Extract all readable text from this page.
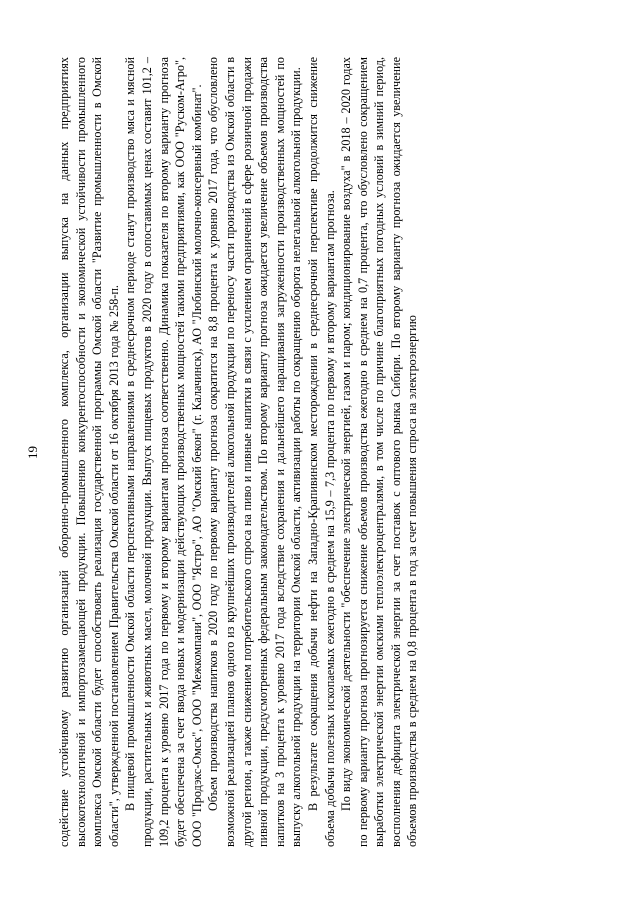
19 содействие устойчивому развитию организаций оборонно-промышленного комплекса, организации выпуска на данных предприятиях высокотехнологичной и импортозамещающей продукции. Повышению конкурентоспособности и экономической устойчивости промышленного комплекса Омской области будет способствовать реализация государственной программы Омской области "Развитие промышленности в Омской области", утвержденной постановлением Правительства Омской области от 16 октября 2013 года № 258-п. В пищевой промышленности Омской области перспективными направлениями в среднесрочном периоде станут производство мяса и мясной продукции, растительных и животных масел, молочной продукции. Выпуск пищевых продуктов в 2020 году в сопоставимых ценах составит 101,2 – 109,2 процента к уровню 2017 года по первому и второму вариантам прогноза соответственно. Динамика показателя по второму варианту прогноза будет обеспечена за счет ввода новых и модернизации действующих производственных мощностей такими предприятиями, как ООО "Руском-Агро", ООО "Продэкс-Омск", ООО "Межкомпани", ООО "Ястро", АО "Омский бекон" (г. Калачинск), АО "Любинский молочно-консервный комбинат". Объем производства напитков в 2020 году по первому варианту прогноза сократится на 8,8 процента к уровню 2017 года, что обусловлено возможной реализацией планов одного из крупнейших производителей алкогольной продукции по переносу части производства из Омской области в другой регион, а также снижением потребительского спроса на пиво и пивные напитки в связи с усилением ограничений в сфере розничной продажи пивной продукции, предусмотренных федеральным законодательством. По второму варианту прогноза ожидается увеличение объемов производства напитков на 3 процента к уровню 2017 года вследствие сохранения и дальнейшего наращивания загруженности производственных мощностей по выпуску алкогольной продукции на территории Омской области, активизации работы по сокращению оборота нелегальной алкогольной продукции. В результате сокращения добычи нефти на Западно-Крапивинском месторождении в среднесрочной перспективе продолжится снижение объема добычи полезных ископаемых ежегодно в среднем на 15,9 – 7,3 процента по первому и второму вариантам прогноза. По виду экономической деятельности "обеспечение электрической энергией, газом и паром; кондиционирование воздуха" в 2018 – 2020 годах по первому варианту прогноза прогнозируется снижение объемов производства ежегодно в среднем на 0,7 процента, что обусловлено сокращением выработки электрической энергии омскими теплоэлектроцентралями, в том числе по причине благоприятных погодных условий в зимний период, восполнения дефицита электрической энергии за счет поставок с оптового рынка Сибири. По второму варианту прогноза ожидается увеличение объемов производства в среднем на 0,8 процента в год за счет повышения спроса на электроэнергию
